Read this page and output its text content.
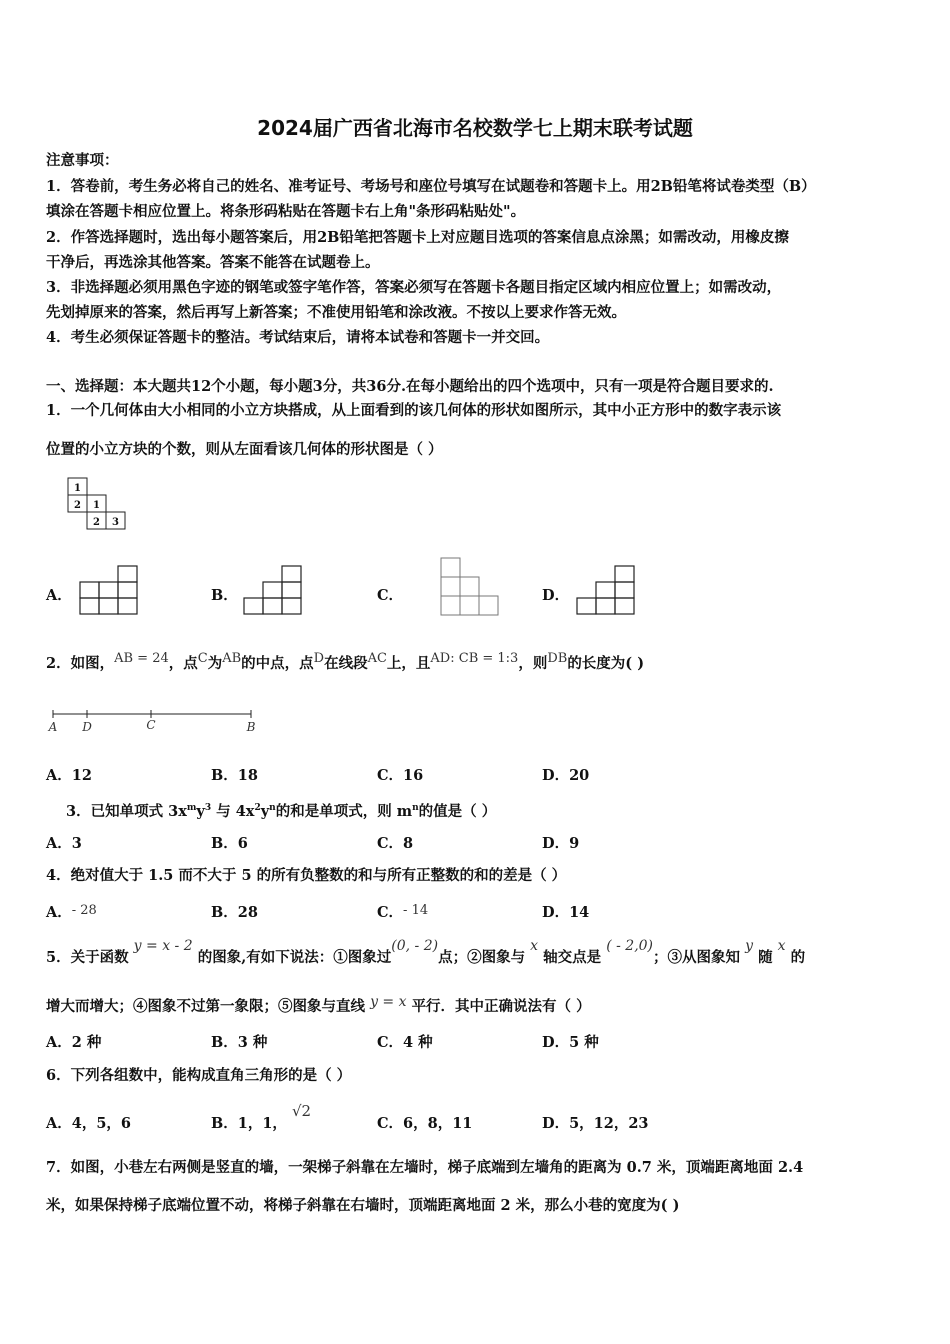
2024届广西省北海市名校数学七上期末联考试题
注意事项：
1．答卷前，考生务必将自己的姓名、准考证号、考场号和座位号填写在试题卷和答题卡上。用2B铅笔将试卷类型（B）
填涂在答题卡相应位置上。将条形码粘贴在答题卡右上角"条形码粘贴处"。
2．作答选择题时，选出每小题答案后，用2B铅笔把答题卡上对应题目选项的答案信息点涂黑；如需改动，用橡皮擦
干净后，再选涂其他答案。答案不能答在试题卷上。
3．非选择题必须用黑色字迹的钢笔或签字笔作答，答案必须写在答题卡各题目指定区域内相应位置上；如需改动，
先划掉原来的答案，然后再写上新答案；不准使用铅笔和涂改液。不按以上要求作答无效。
4．考生必须保证答题卡的整洁。考试结束后，请将本试卷和答题卡一并交回。
一、选择题：本大题共12个小题，每小题3分，共36分.在每小题给出的四个选项中，只有一项是符合题目要求的.
1．一个几何体由大小相同的小立方块搭成，从上面看到的该几何体的形状如图所示，其中小正方形中的数字表示该
位置的小立方块的个数，则从左面看该几何体的形状图是（ ）
1
2 1
2 3
A．	B．	C．	D．
2．如图，AB = 24，点C为AB的中点，点D在线段AC上，且AD: CB = 1:3，则DB的长度为( )
A D	C	B
A．12	B．18	C．16	D．20
3．已知单项式 $3x^my^3$ 与 $4x^2y^n$的和是单项式，则 $m^n$的值是（ ）
A．3	B．6	C．8	D．9
4．绝对值大于 1.5 而不大于 5 的所有负整数的和与所有正整数的和的差是（ ）
A．- 28	B．28	C．- 14	D．14
5．关于函数 y = x - 2 的图象,有如下说法：①图象过(0, - 2)点；②图象与 x 轴交点是 ( - 2,0)；③从图象知 y 随 x 的
增大而增大；④图象不过第一象限；⑤图象与直线 y = x 平行．其中正确说法有（ ）
A．2 种	B．3 种	C．4 种	D．5 种
6．下列各组数中，能构成直角三角形的是（ ）
A．4，5，6	B．1，1， √2
C．6，8，11	D．5，12，23
7．如图，小巷左右两侧是竖直的墙，一架梯子斜靠在左墙时，梯子底端到左墙角的距离为 0.7 米，顶端距离地面 2.4
米，如果保持梯子底端位置不动，将梯子斜靠在右墙时，顶端距离地面 2 米，那么小巷的宽度为( )
